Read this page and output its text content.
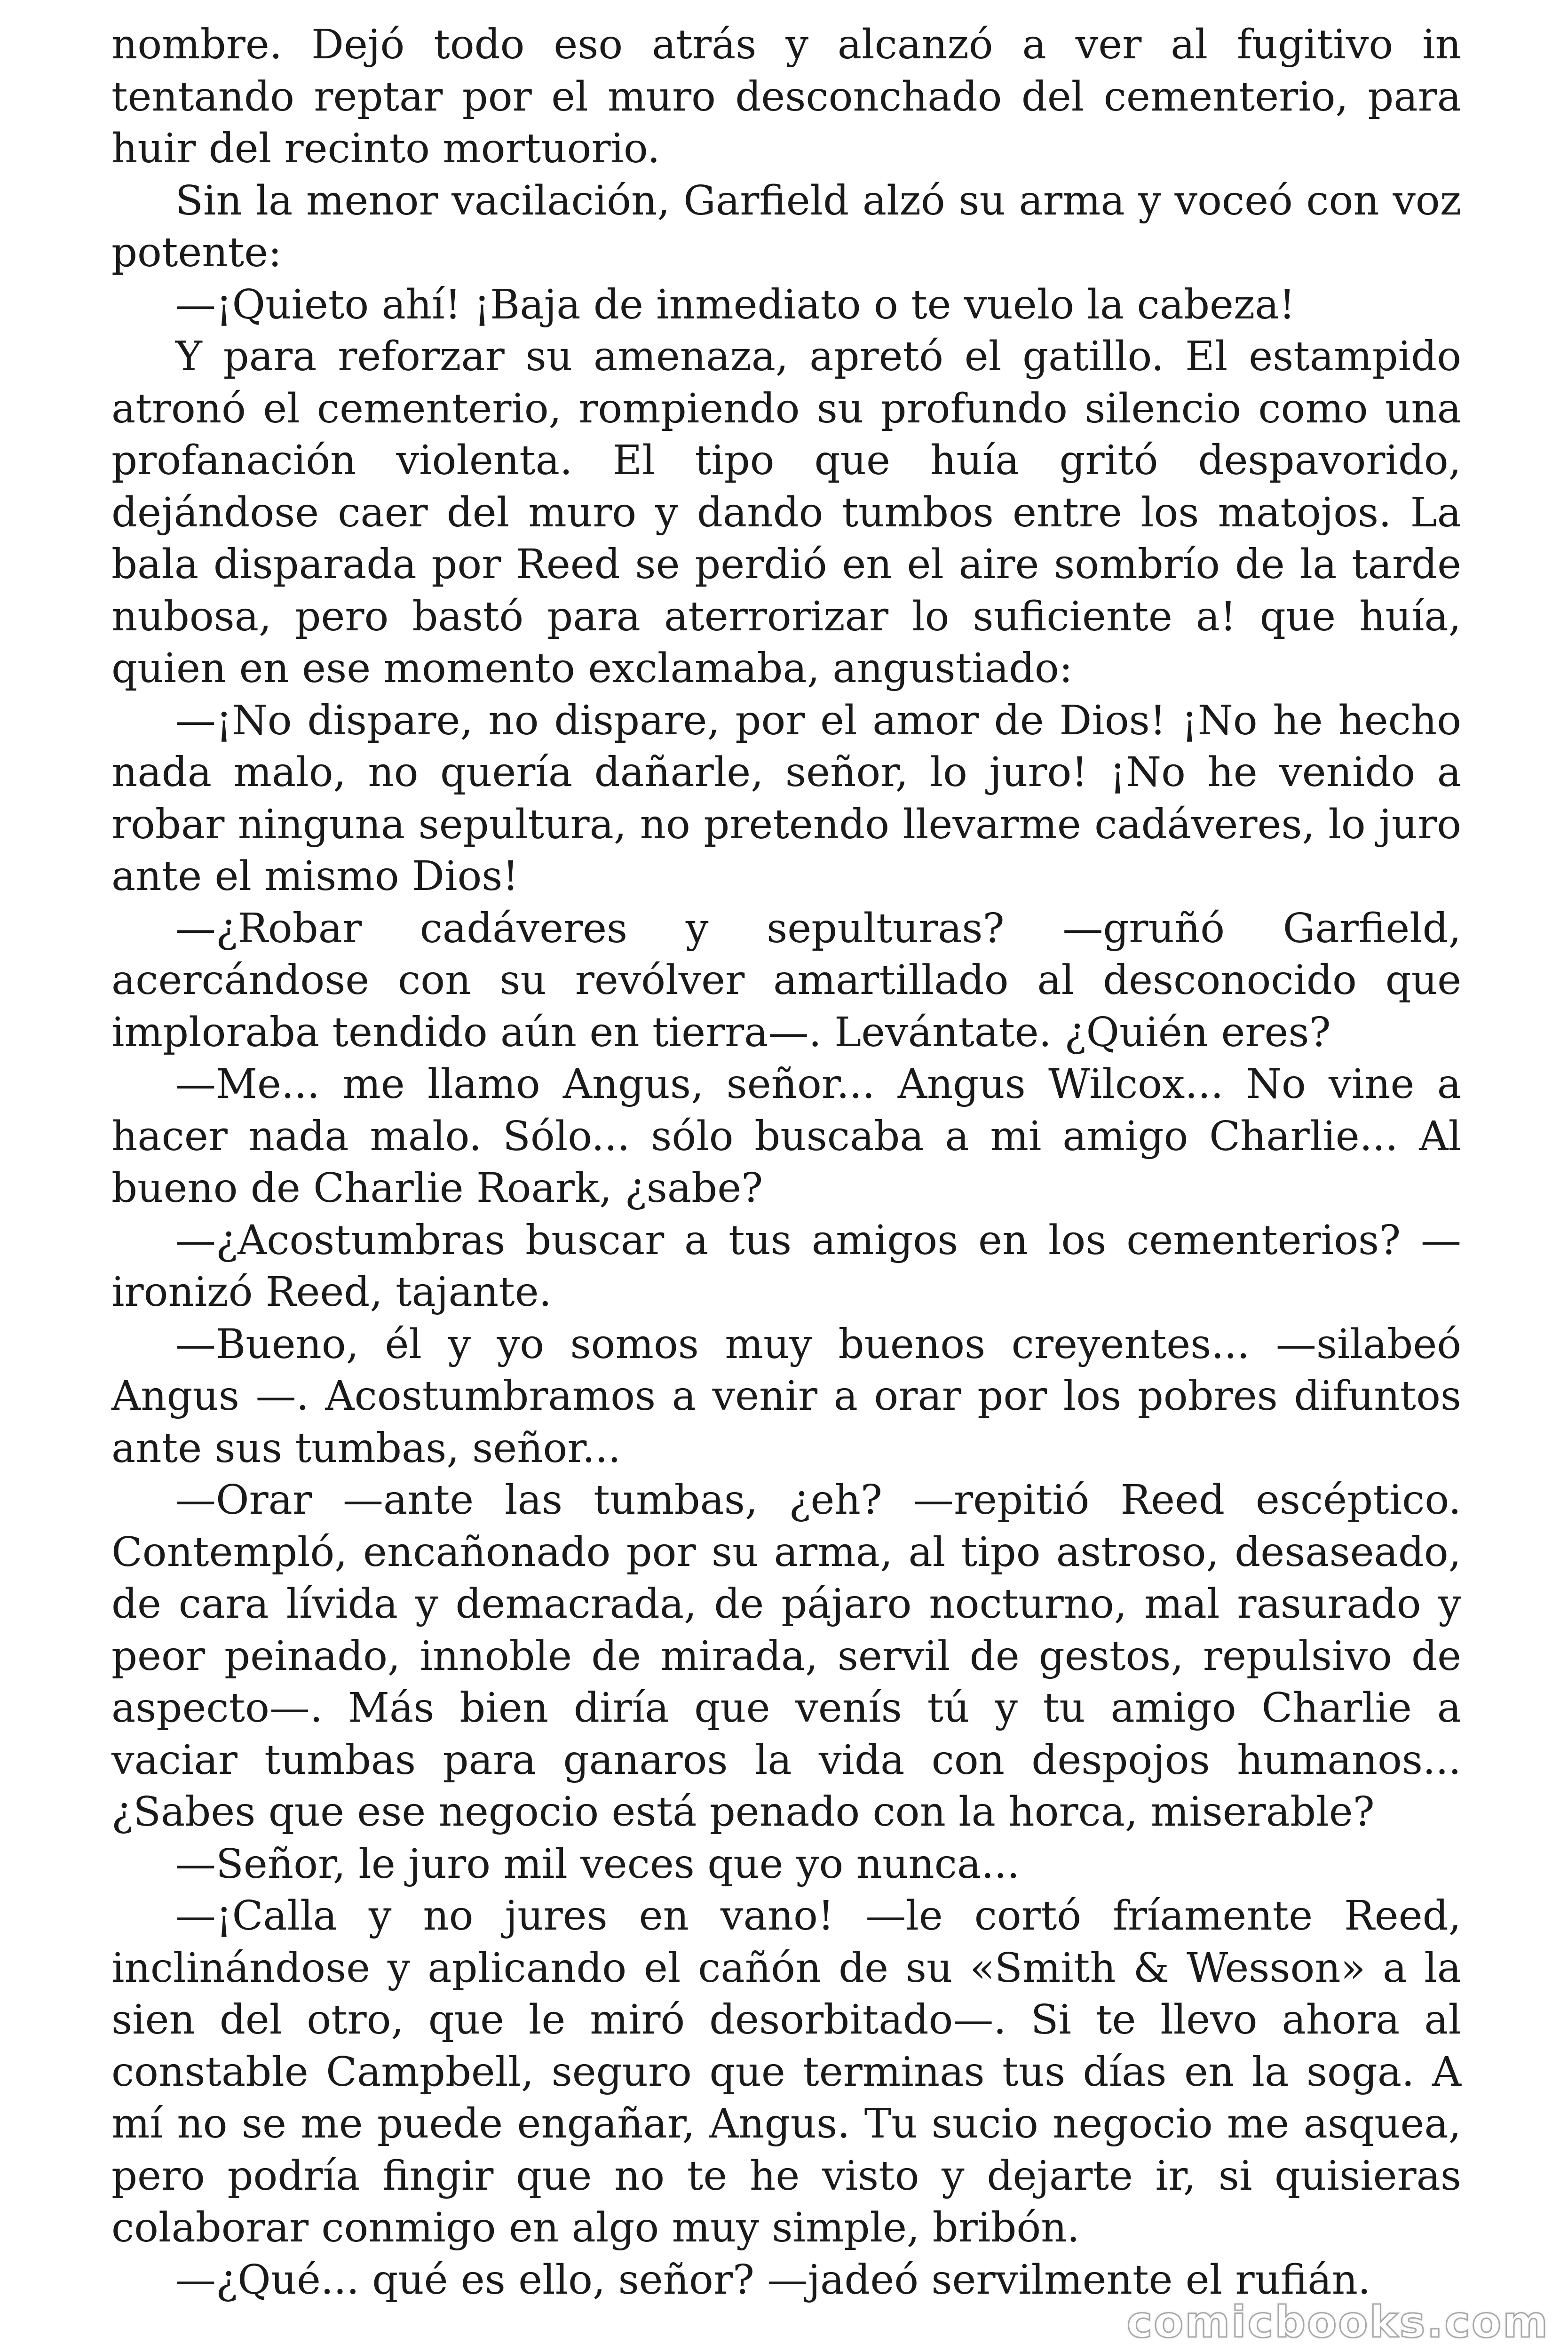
nombre. Dejó todo eso atrás y alcanzó a ver al fugitivo in tentando reptar por el muro desconchado del cementerio, para huir del recinto mortuorio.

Sin la menor vacilación, Garfield alzó su arma y voceó con voz potente:

—¡Quieto ahí! ¡Baja de inmediato o te vuelo la cabeza!

Y para reforzar su amenaza, apretó el gatillo. El estampido atronó el cementerio, rompiendo su profundo silencio como una profanación violenta. El tipo que huía gritó despavorido, dejándose caer del muro y dando tumbos entre los matojos. La bala disparada por Reed se perdió en el aire sombrío de la tarde nubosa, pero bastó para aterrorizar lo suficiente a! que huía, quien en ese momento exclamaba, angustiado:

—¡No dispare, no dispare, por el amor de Dios! ¡No he hecho nada malo, no quería dañarle, señor, lo juro! ¡No he venido a robar ninguna sepultura, no pretendo llevarme cadáveres, lo juro ante el mismo Dios!

—¿Robar cadáveres y sepulturas? —gruñó Garfield, acercándose con su revólver amartillado al desconocido que imploraba tendido aún en tierra—. Levántate. ¿Quién eres?

—Me... me llamo Angus, señor... Angus Wilcox... No vine a hacer nada malo. Sólo... sólo buscaba a mi amigo Charlie... Al bueno de Charlie Roark, ¿sabe?

—¿Acostumbras buscar a tus amigos en los cementerios? —ironizó Reed, tajante.

—Bueno, él y yo somos muy buenos creyentes... —silabeó Angus —. Acostumbramos a venir a orar por los pobres difuntos ante sus tumbas, señor...

—Orar —ante las tumbas, ¿eh? —repitió Reed escéptico. Contempló, encañonado por su arma, al tipo astroso, desaseado, de cara lívida y demacrada, de pájaro nocturno, mal rasurado y peor peinado, innoble de mirada, servil de gestos, repulsivo de aspecto—. Más bien diría que venís tú y tu amigo Charlie a vaciar tumbas para ganaros la vida con despojos humanos... ¿Sabes que ese negocio está penado con la horca, miserable?

—Señor, le juro mil veces que yo nunca...

—¡Calla y no jures en vano! —le cortó fríamente Reed, inclinándose y aplicando el cañón de su «Smith & Wesson» a la sien del otro, que le miró desorbitado—. Si te llevo ahora al constable Campbell, seguro que terminas tus días en la soga. A mí no se me puede engañar, Angus. Tu sucio negocio me asquea, pero podría fingir que no te he visto y dejarte ir, si quisieras colaborar conmigo en algo muy simple, bribón.

—¿Qué... qué es ello, señor? —jadeó servilmente el rufián.

comicbooks.com
